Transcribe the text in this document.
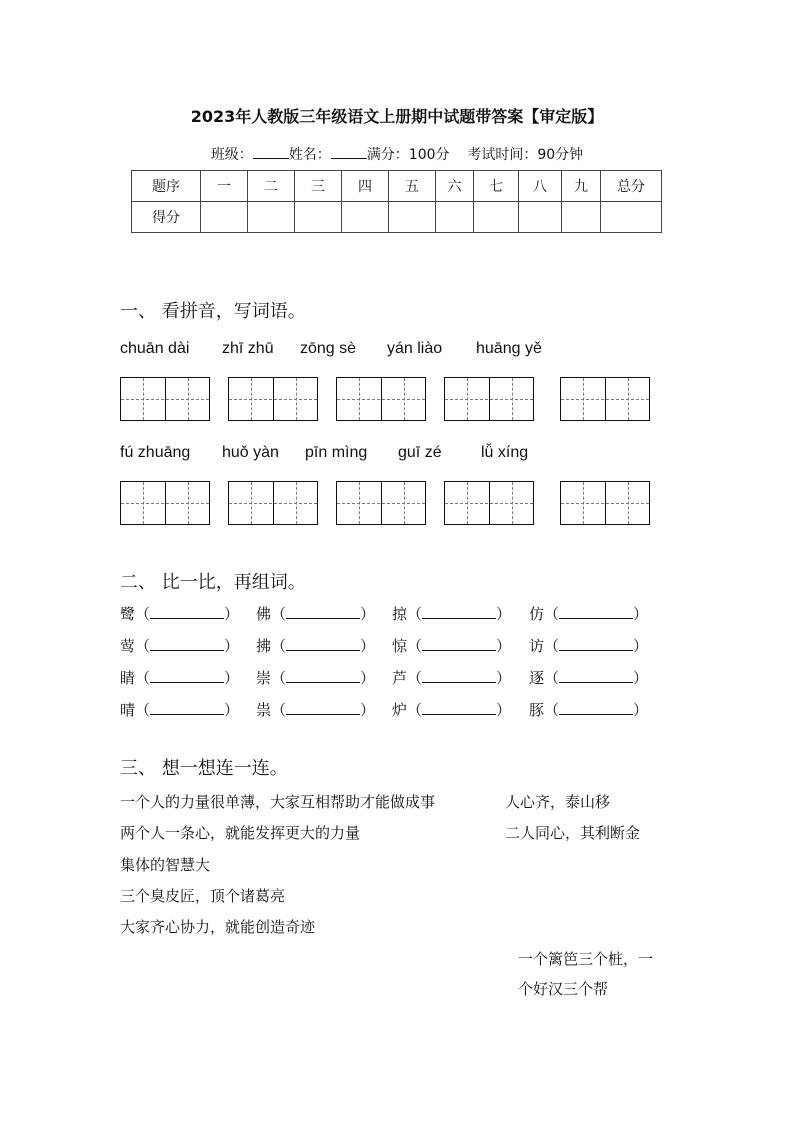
2023年人教版三年级语文上册期中试题带答案【审定版】
班级：	姓名：	满分：100分 考试时间：90分钟
题序	一	二	三	四	五	六	七	八	九	总分
得分										
一、 看拼音，写词语。
chuān dài zhī zhū zōng sè yán liào huāng yě
fú zhuāng huǒ yàn pīn mìng guī zé lǚ xíng
二、 比一比，再组词。
鹭（	） 佛（	） 掠（	） 仿（	）
莺（	） 拂（	） 惊（	） 访（	）
睛（	） 崇（	） 芦（	） 逐（	）
晴（	） 祟（	） 炉（	） 豚（	）
三、 想一想连一连。
一个人的力量很单薄，大家互相帮助才能做成事
两个人一条心，就能发挥更大的力量
集体的智慧大
三个臭皮匠，顶个诸葛亮
大家齐心协力，就能创造奇迹
人心齐，泰山移
二人同心，其利断金
一个篱笆三个桩，一
个好汉三个帮
